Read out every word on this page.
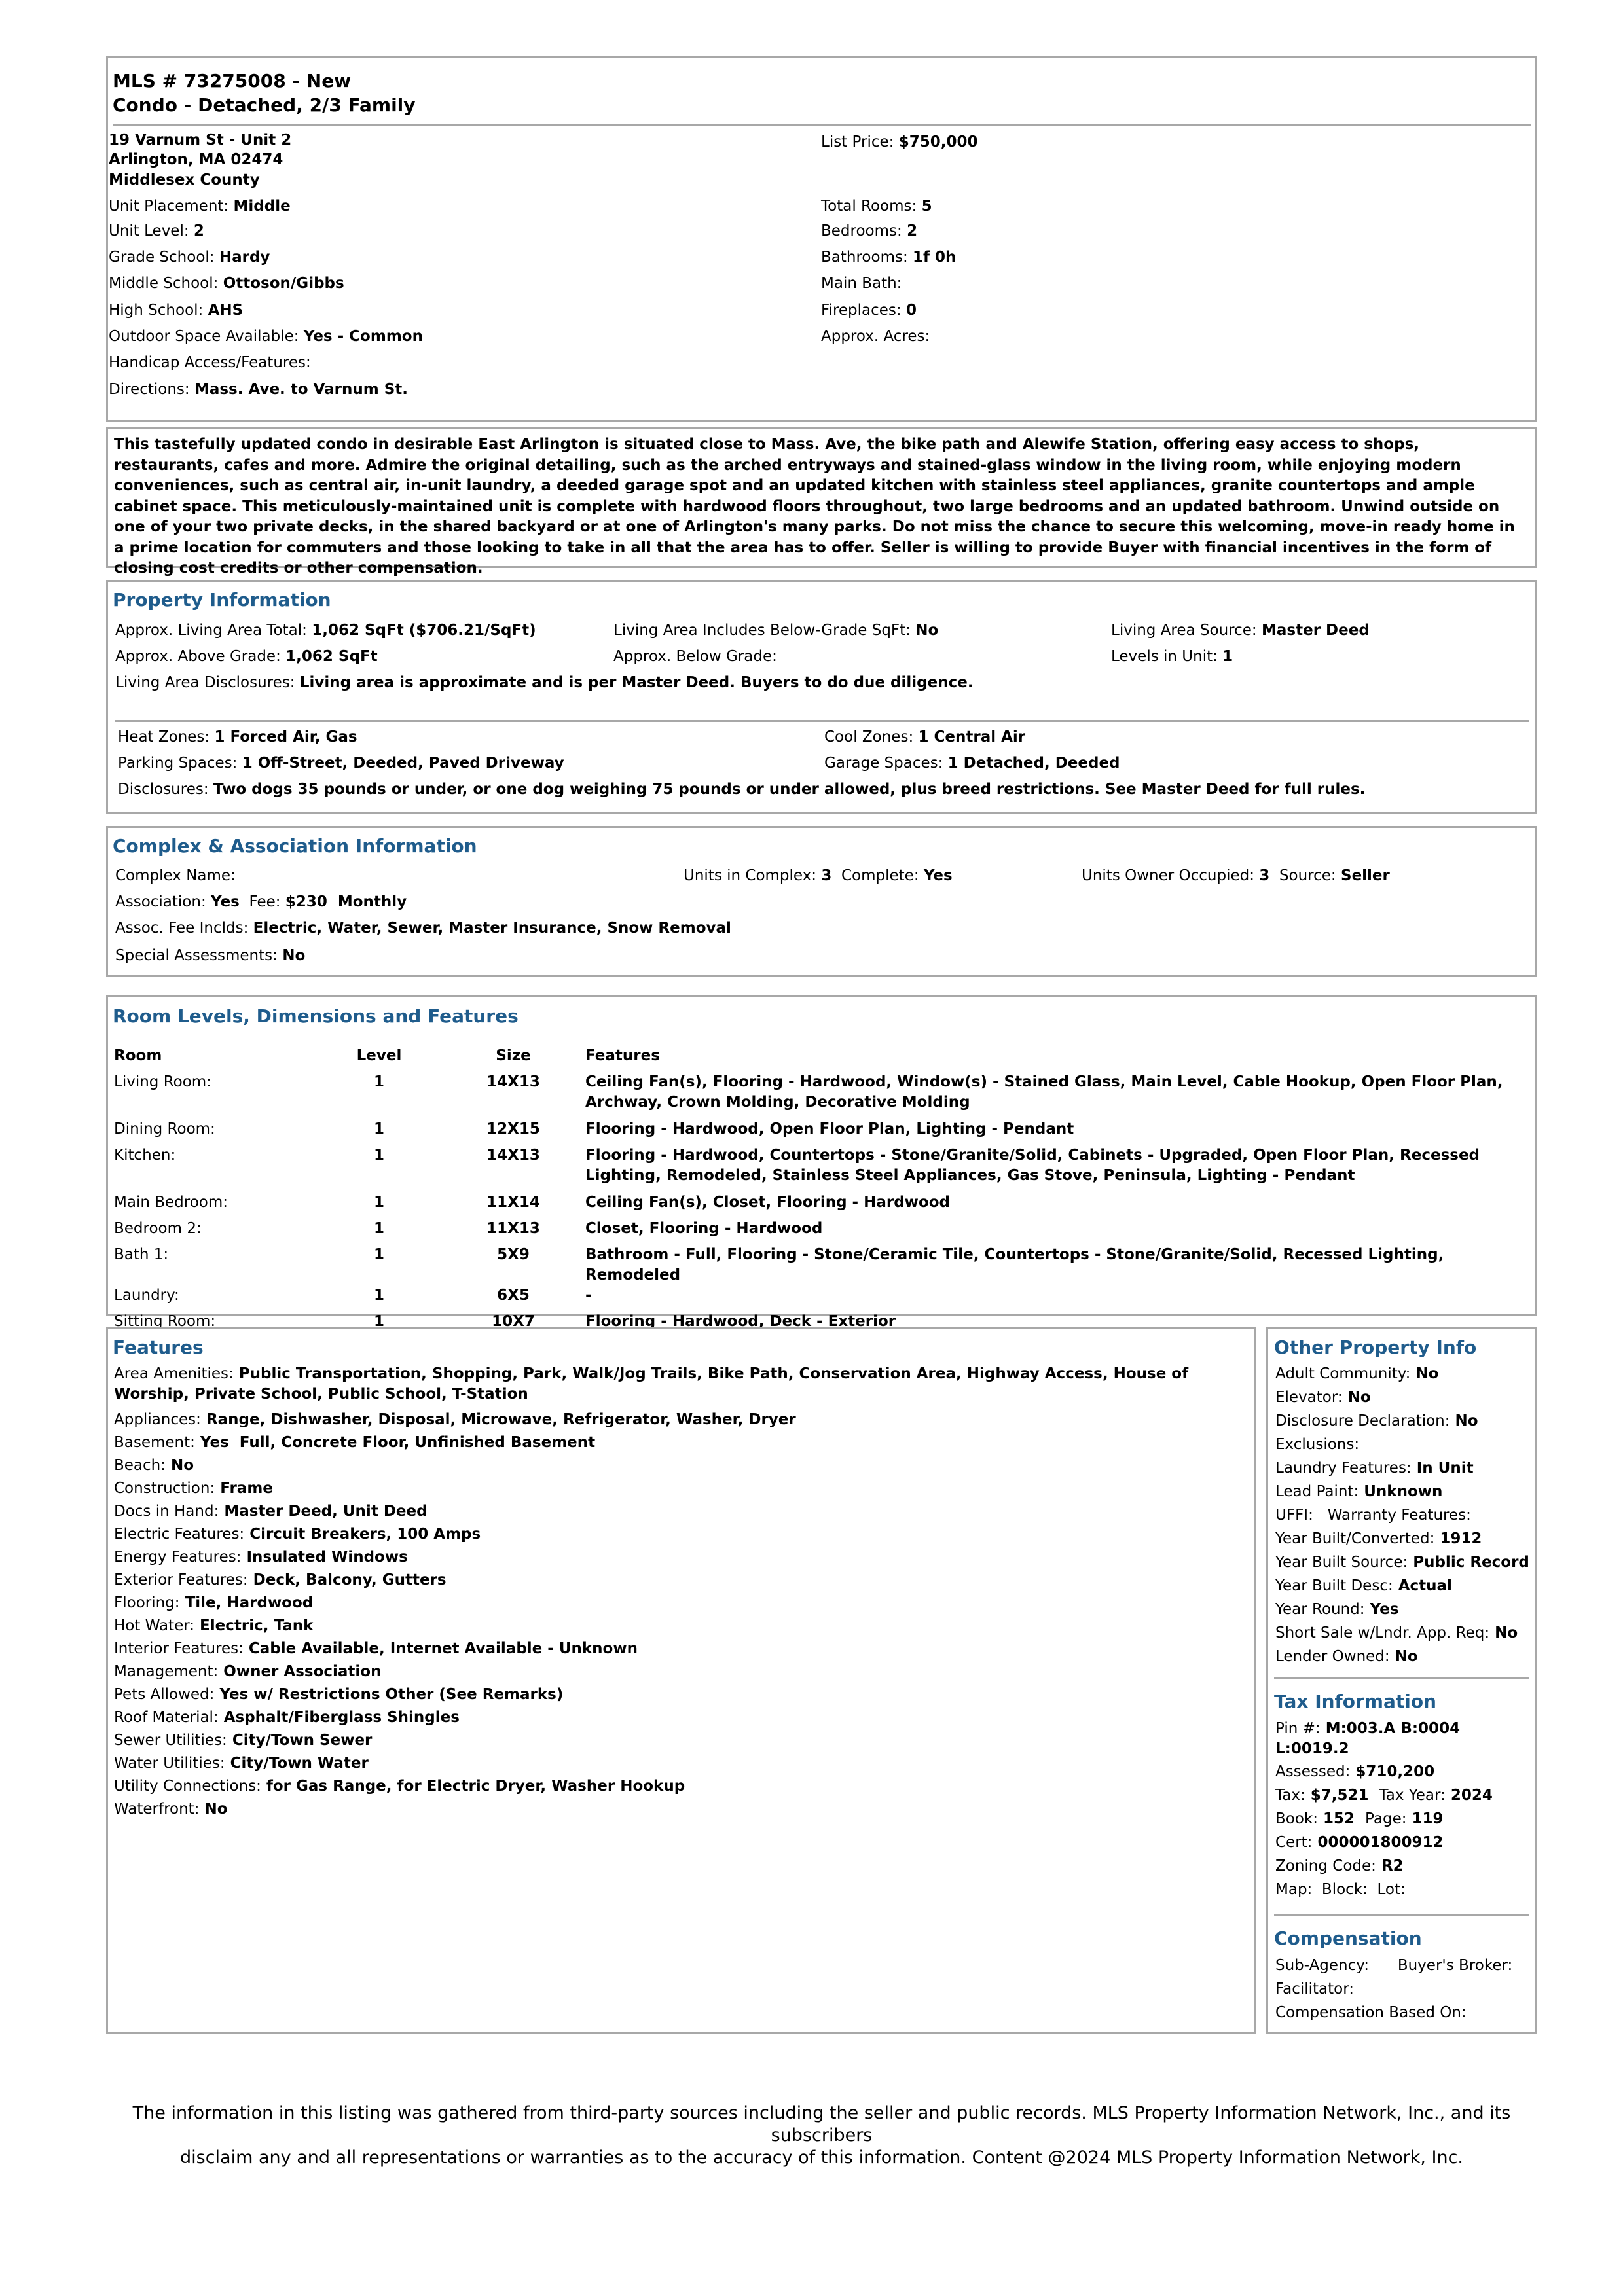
MLS # 73275008 - New
Condo - Detached, 2/3 Family
19 Varnum St - Unit 2
Arlington, MA 02474
Middlesex County
List Price: $750,000
Unit Placement: Middle
Unit Level: 2
Grade School: Hardy
Middle School: Ottoson/Gibbs
High School: AHS
Outdoor Space Available: Yes - Common
Handicap Access/Features:
Directions: Mass. Ave. to Varnum St.
Total Rooms: 5
Bedrooms: 2
Bathrooms: 1f 0h
Main Bath:
Fireplaces: 0
Approx. Acres:
This tastefully updated condo in desirable East Arlington is situated close to Mass. Ave, the bike path and Alewife Station, offering easy access to shops, restaurants, cafes and more. Admire the original detailing, such as the arched entryways and stained-glass window in the living room, while enjoying modern conveniences, such as central air, in-unit laundry, a deeded garage spot and an updated kitchen with stainless steel appliances, granite countertops and ample cabinet space. This meticulously-maintained unit is complete with hardwood floors throughout, two large bedrooms and an updated bathroom. Unwind outside on one of your two private decks, in the shared backyard or at one of Arlington's many parks. Do not miss the chance to secure this welcoming, move-in ready home in a prime location for commuters and those looking to take in all that the area has to offer. Seller is willing to provide Buyer with financial incentives in the form of closing cost credits or other compensation.
Property Information
Approx. Living Area Total: 1,062 SqFt ($706.21/SqFt)	Living Area Includes Below-Grade SqFt: No	Living Area Source: Master Deed
Approx. Above Grade: 1,062 SqFt	Approx. Below Grade:	Levels in Unit: 1
Living Area Disclosures: Living area is approximate and is per Master Deed. Buyers to do due diligence.
Heat Zones: 1 Forced Air, Gas	Cool Zones: 1 Central Air
Parking Spaces: 1 Off-Street, Deeded, Paved Driveway	Garage Spaces: 1 Detached, Deeded
Disclosures: Two dogs 35 pounds or under, or one dog weighing 75 pounds or under allowed, plus breed restrictions. See Master Deed for full rules.
Complex & Association Information
Complex Name:	Units in Complex: 3 Complete: Yes	Units Owner Occupied: 3 Source: Seller
Association: Yes Fee: $230  Monthly
Assoc. Fee Inclds: Electric, Water, Sewer, Master Insurance, Snow Removal
Special Assessments: No
Room Levels, Dimensions and Features
Room	Level	Size	Features
Living Room:	1	14X13	Ceiling Fan(s), Flooring - Hardwood, Window(s) - Stained Glass, Main Level, Cable Hookup, Open Floor Plan, Archway, Crown Molding, Decorative Molding
Dining Room:	1	12X15	Flooring - Hardwood, Open Floor Plan, Lighting - Pendant
Kitchen:	1	14X13	Flooring - Hardwood, Countertops - Stone/Granite/Solid, Cabinets - Upgraded, Open Floor Plan, Recessed Lighting, Remodeled, Stainless Steel Appliances, Gas Stove, Peninsula, Lighting - Pendant
Main Bedroom:	1	11X14	Ceiling Fan(s), Closet, Flooring - Hardwood
Bedroom 2:	1	11X13	Closet, Flooring - Hardwood
Bath 1:	1	5X9	Bathroom - Full, Flooring - Stone/Ceramic Tile, Countertops - Stone/Granite/Solid, Recessed Lighting, Remodeled
Laundry:	1	6X5	-
Sitting Room:	1	10X7	Flooring - Hardwood, Deck - Exterior
Features
Area Amenities: Public Transportation, Shopping, Park, Walk/Jog Trails, Bike Path, Conservation Area, Highway Access, House of Worship, Private School, Public School, T-Station
Appliances: Range, Dishwasher, Disposal, Microwave, Refrigerator, Washer, Dryer
Basement: Yes  Full, Concrete Floor, Unfinished Basement
Beach: No
Construction: Frame
Docs in Hand: Master Deed, Unit Deed
Electric Features: Circuit Breakers, 100 Amps
Energy Features: Insulated Windows
Exterior Features: Deck, Balcony, Gutters
Flooring: Tile, Hardwood
Hot Water: Electric, Tank
Interior Features: Cable Available, Internet Available - Unknown
Management: Owner Association
Pets Allowed: Yes w/ Restrictions Other (See Remarks)
Roof Material: Asphalt/Fiberglass Shingles
Sewer Utilities: City/Town Sewer
Water Utilities: City/Town Water
Utility Connections: for Gas Range, for Electric Dryer, Washer Hookup
Waterfront: No
Other Property Info
Adult Community: No
Elevator: No
Disclosure Declaration: No
Exclusions:
Laundry Features: In Unit
Lead Paint: Unknown
UFFI:   Warranty Features:
Year Built/Converted: 1912
Year Built Source: Public Record
Year Built Desc: Actual
Year Round: Yes
Short Sale w/Lndr. App. Req: No
Lender Owned: No
Tax Information
Pin #: M:003.A B:0004
L:0019.2
Assessed: $710,200
Tax: $7,521 Tax Year: 2024
Book: 152 Page: 119
Cert: 000001800912
Zoning Code: R2
Map:  Block:  Lot:
Compensation
Sub-Agency:      Buyer's Broker:
Facilitator:
Compensation Based On:
The information in this listing was gathered from third-party sources including the seller and public records. MLS Property Information Network, Inc., and its subscribers
disclaim any and all representations or warranties as to the accuracy of this information. Content @2024 MLS Property Information Network, Inc.
